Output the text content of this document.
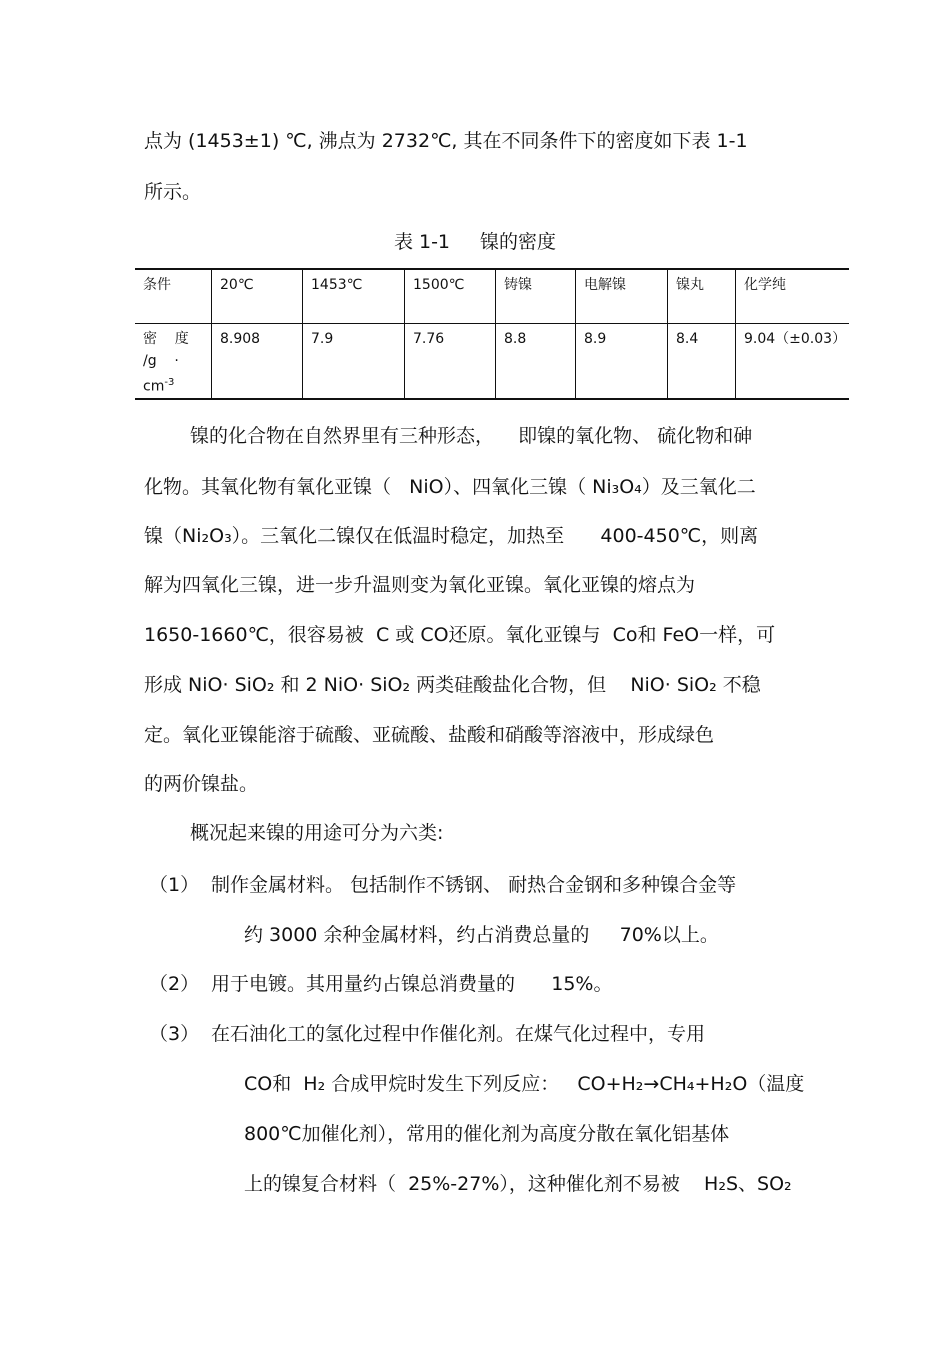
点为 (1453±1) ℃, 沸点为 2732℃, 其在不同条件下的密度如下表 1-1
所示。
表 1-1 镍的密度
条件	20℃	1453℃	1500℃	铸镍	电解镍	镍丸	化学纯

密    度
/g    ·
$cm^{-3}$	8.908	7.9	7.76	8.8	8.9	8.4	9.04（±0.03）
镍的化合物在自然界里有三种形态，    即镍的氧化物、 硫化物和砷
化物。其氧化物有氧化亚镍（   NiO）、四氧化三镍（ Ni₃O₄）及三氧化二
镍（Ni₂O₃）。三氧化二镍仅在低温时稳定，加热至      400-450℃，则离
解为四氧化三镍，进一步升温则变为氧化亚镍。氧化亚镍的熔点为
1650-1660℃，很容易被  C 或 CO还原。氧化亚镍与  Co和 FeO一样，可
形成 NiO· SiO₂ 和 2 NiO· SiO₂ 两类硅酸盐化合物，但    NiO· SiO₂ 不稳
定。氧化亚镍能溶于硫酸、亚硫酸、盐酸和硝酸等溶液中，形成绿色
的两价镍盐。
概况起来镍的用途可分为六类:
（1） 制作金属材料。 包括制作不锈钢、 耐热合金钢和多种镍合金等
约 3000 余种金属材料，约占消费总量的     70%以上。
（2） 用于电镀。其用量约占镍总消费量的      15%。
（3） 在石油化工的氢化过程中作催化剂。在煤气化过程中，专用
CO和  H₂ 合成甲烷时发生下列反应：   CO+H₂→CH₄+H₂O（温度
800℃加催化剂），常用的催化剂为高度分散在氧化铝基体
上的镍复合材料（  25%-27%），这种催化剂不易被    H₂S、SO₂
